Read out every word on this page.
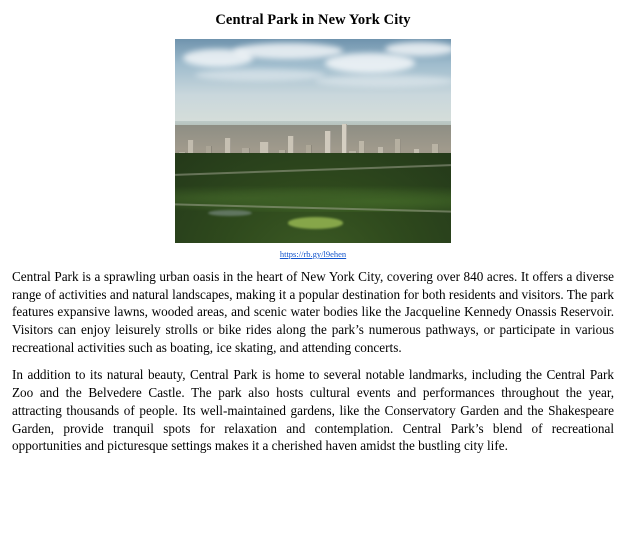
Central Park in New York City
https://rb.gy/l9ehen

Central Park is a sprawling urban oasis in the heart of New York City, covering over 840 acres. It offers a diverse range of activities and natural landscapes, making it a popular destination for both residents and visitors. The park features expansive lawns, wooded areas, and scenic water bodies like the Jacqueline Kennedy Onassis Reservoir. Visitors can enjoy leisurely strolls or bike rides along the park’s numerous pathways, or participate in various recreational activities such as boating, ice skating, and attending concerts.

In addition to its natural beauty, Central Park is home to several notable landmarks, including the Central Park Zoo and the Belvedere Castle. The park also hosts cultural events and performances throughout the year, attracting thousands of people. Its well-maintained gardens, like the Conservatory Garden and the Shakespeare Garden, provide tranquil spots for relaxation and contemplation. Central Park’s blend of recreational opportunities and picturesque settings makes it a cherished haven amidst the bustling city life.
